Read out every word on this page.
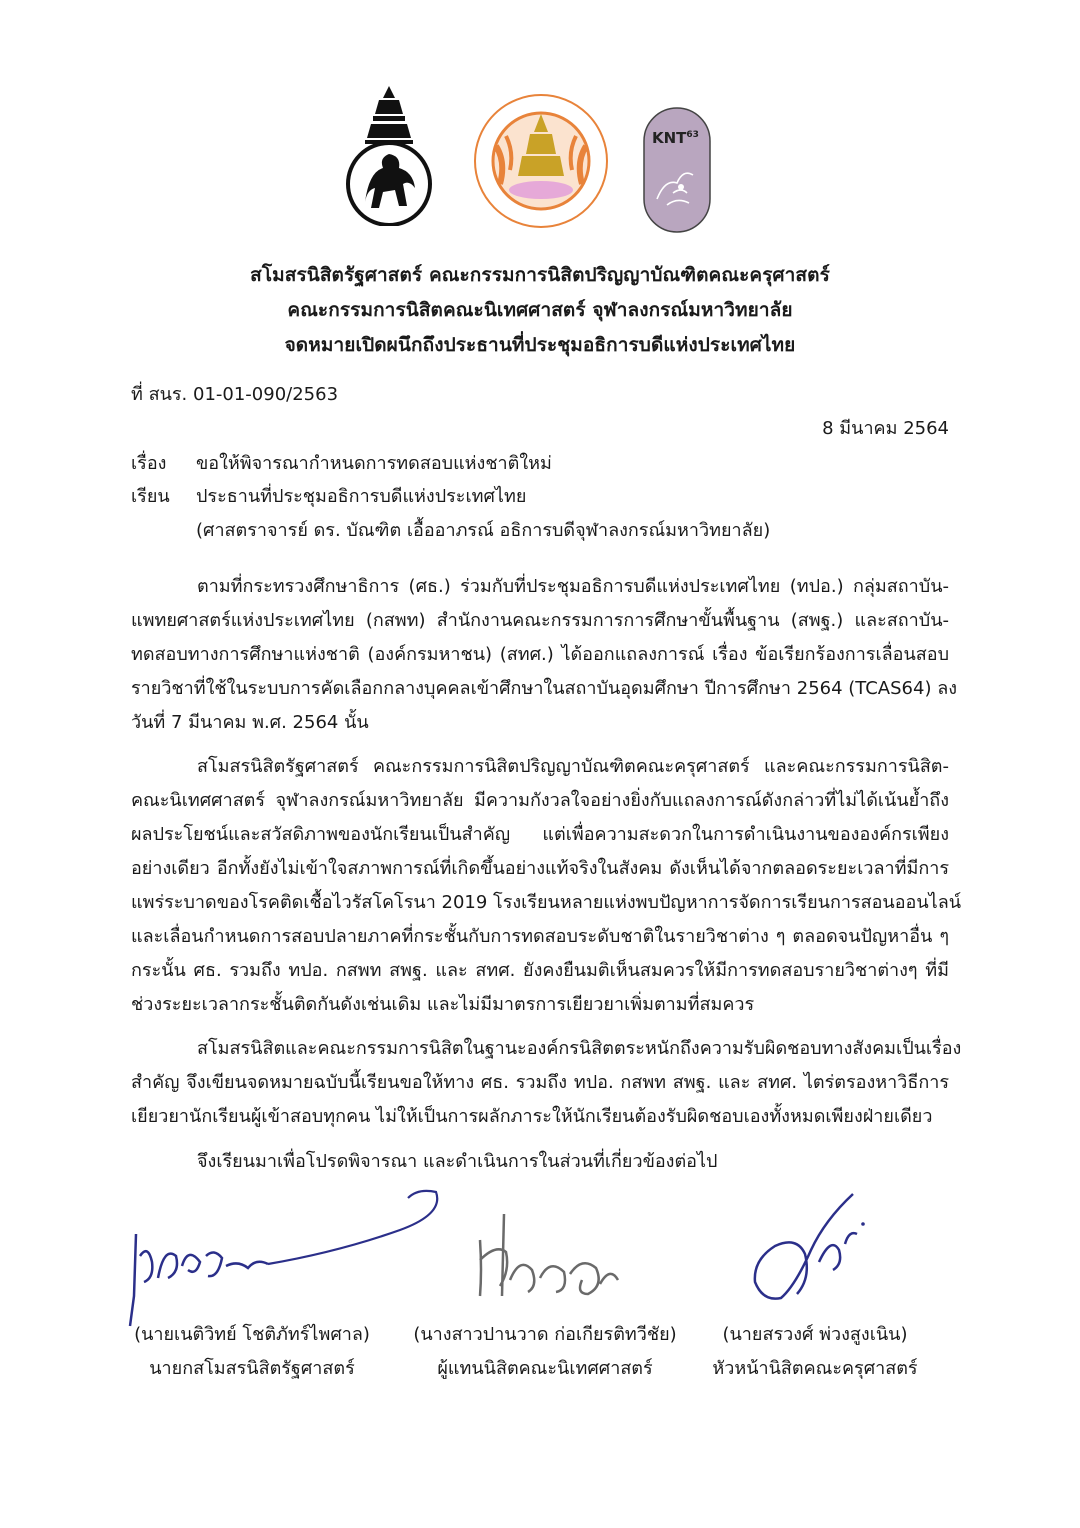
KNT$^{63}$
สโมสรนิสิตรัฐศาสตร์ คณะกรรมการนิสิตปริญญาบัณฑิตคณะครุศาสตร์
คณะกรรมการนิสิตคณะนิเทศศาสตร์ จุฬาลงกรณ์มหาวิทยาลัย
จดหมายเปิดผนึกถึงประธานที่ประชุมอธิการบดีแห่งประเทศไทย
ที่ สนร. 01-01-090/2563
8 มีนาคม 2564
เรื่อง ขอให้พิจารณากำหนดการทดสอบแห่งชาติใหม่
เรียน ประธานที่ประชุมอธิการบดีแห่งประเทศไทย
(ศาสตราจารย์ ดร. บัณฑิต เอื้ออาภรณ์ อธิการบดีจุฬาลงกรณ์มหาวิทยาลัย)
ตามที่กระทรวงศึกษาธิการ (ศธ.) ร่วมกับที่ประชุมอธิการบดีแห่งประเทศไทย (ทปอ.) กลุ่มสถาบัน-
แพทยศาสตร์แห่งประเทศไทย (กสพท) สำนักงานคณะกรรมการการศึกษาขั้นพื้นฐาน (สพฐ.) และสถาบัน-
ทดสอบทางการศึกษาแห่งชาติ (องค์กรมหาชน) (สทศ.) ได้ออกแถลงการณ์ เรื่อง ข้อเรียกร้องการเลื่อนสอบ
รายวิชาที่ใช้ในระบบการคัดเลือกกลางบุคคลเข้าศึกษาในสถาบันอุดมศึกษา ปีการศึกษา 2564 (TCAS64) ลง
วันที่ 7 มีนาคม พ.ศ. 2564 นั้น
สโมสรนิสิตรัฐศาสตร์ คณะกรรมการนิสิตปริญญาบัณฑิตคณะครุศาสตร์ และคณะกรรมการนิสิต-
คณะนิเทศศาสตร์ จุฬาลงกรณ์มหาวิทยาลัย มีความกังวลใจอย่างยิ่งกับแถลงการณ์ดังกล่าวที่ไม่ได้เน้นย้ำถึง
ผลประโยชน์และสวัสดิภาพของนักเรียนเป็นสำคัญ แต่เพื่อความสะดวกในการดำเนินงานขององค์กรเพียง
อย่างเดียว อีกทั้งยังไม่เข้าใจสภาพการณ์ที่เกิดขึ้นอย่างแท้จริงในสังคม ดังเห็นได้จากตลอดระยะเวลาที่มีการ
แพร่ระบาดของโรคติดเชื้อไวรัสโคโรนา 2019 โรงเรียนหลายแห่งพบปัญหาการจัดการเรียนการสอนออนไลน์
และเลื่อนกำหนดการสอบปลายภาคที่กระชั้นกับการทดสอบระดับชาติในรายวิชาต่าง ๆ ตลอดจนปัญหาอื่น ๆ
กระนั้น ศธ. รวมถึง ทปอ. กสพท สพฐ. และ สทศ. ยังคงยืนมติเห็นสมควรให้มีการทดสอบรายวิชาต่างๆ ที่มี
ช่วงระยะเวลากระชั้นติดกันดังเช่นเดิม และไม่มีมาตรการเยียวยาเพิ่มตามที่สมควร
สโมสรนิสิตและคณะกรรมการนิสิตในฐานะองค์กรนิสิตตระหนักถึงความรับผิดชอบทางสังคมเป็นเรื่อง
สำคัญ จึงเขียนจดหมายฉบับนี้เรียนขอให้ทาง ศธ. รวมถึง ทปอ. กสพท สพฐ. และ สทศ. ไตร่ตรองหาวิธีการ
เยียวยานักเรียนผู้เข้าสอบทุกคน ไม่ให้เป็นการผลักภาระให้นักเรียนต้องรับผิดชอบเองทั้งหมดเพียงฝ่ายเดียว
จึงเรียนมาเพื่อโปรดพิจารณา และดำเนินการในส่วนที่เกี่ยวข้องต่อไป
(นายเนติวิทย์ โชติภัทร์ไพศาล)
นายกสโมสรนิสิตรัฐศาสตร์
(นางสาวปานวาด ก่อเกียรติทวีชัย)
ผู้แทนนิสิตคณะนิเทศศาสตร์
(นายสรวงศ์ พ่วงสูงเนิน)
หัวหน้านิสิตคณะครุศาสตร์
